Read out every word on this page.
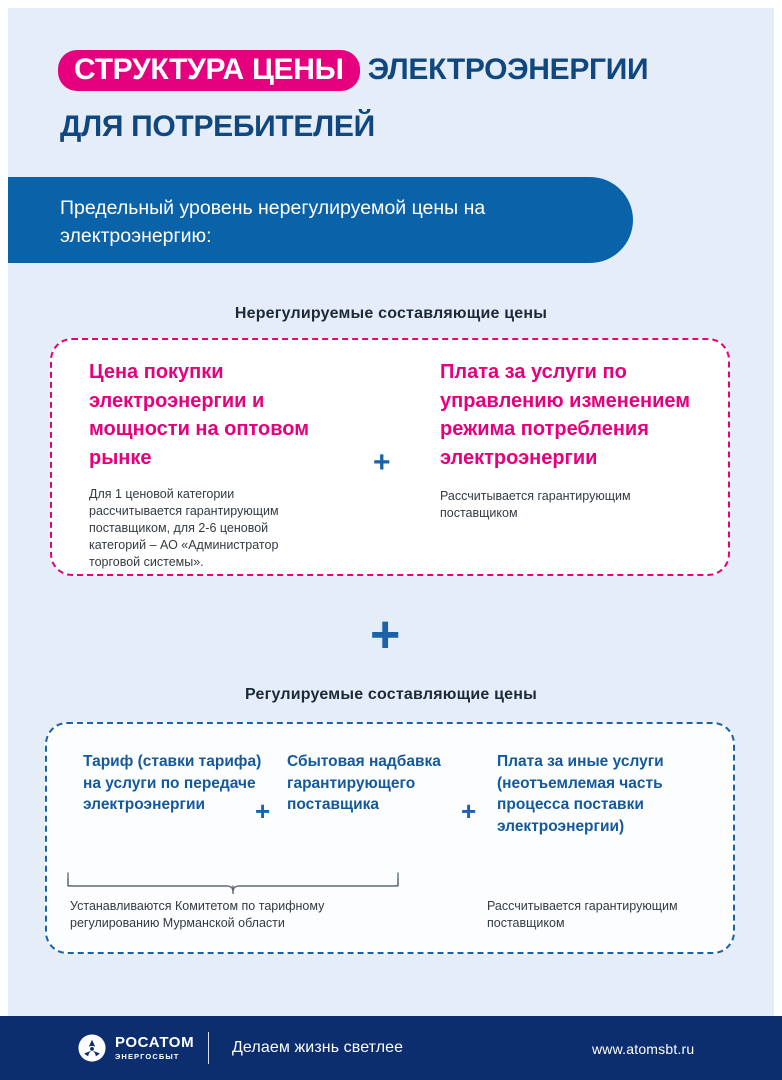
СТРУКТУРА ЦЕНЫ ЭЛЕКТРОЭНЕРГИИ
ДЛЯ ПОТРЕБИТЕЛЕЙ
Предельный уровень нерегулируемой цены на электроэнергию:
Нерегулируемые составляющие цены
Цена покупки электроэнергии и мощности на оптовом рынке
Для 1 ценовой категории рассчитывается гарантирующим поставщиком, для 2-6 ценовой категорий – АО «Администратор торговой системы».
Плата за услуги по управлению изменением режима потребления электроэнергии
Рассчитывается гарантирующим поставщиком
+
+
Регулируемые составляющие цены
Тариф (ставки тарифа) на услуги по передаче электроэнергии	+
Сбытовая надбавка гарантирующего поставщика	+
Плата за иные услуги (неотъемлемая часть процесса поставки электроэнергии)
Устанавливаются Комитетом по тарифному регулированию Мурманской области
Рассчитывается гарантирующим поставщиком
РОСАТОМ
ЭНЕРГОСБЫТ	Делаем жизнь светлее	www.atomsbt.ru
